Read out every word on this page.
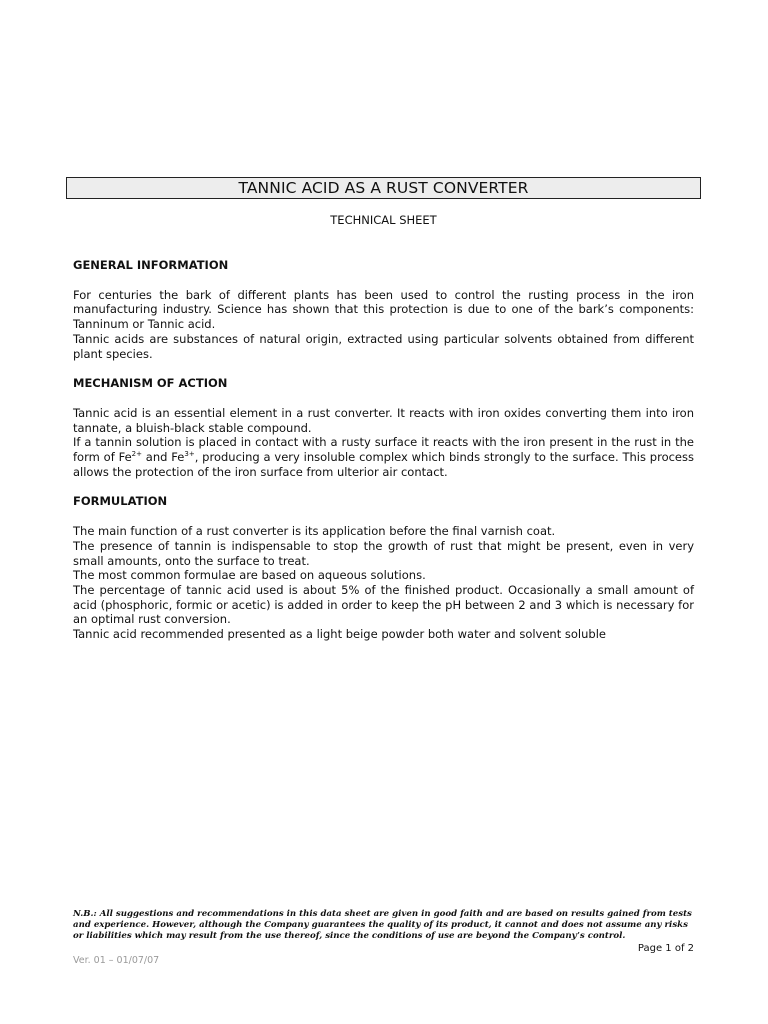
TANNIC ACID AS A RUST CONVERTER
TECHNICAL SHEET
GENERAL INFORMATION

For centuries the bark of different plants has been used to control the rusting process in the iron manufacturing industry. Science has shown that this protection is due to one of the bark’s components: Tanninum or Tannic acid.

Tannic acids are substances of natural origin, extracted using particular solvents obtained from different plant species.

MECHANISM OF ACTION

Tannic acid is an essential element in a rust converter. It reacts with iron oxides converting them into iron tannate, a bluish-black stable compound.

If a tannin solution is placed in contact with a rusty surface it reacts with the iron present in the rust in the form of $Fe^{2+}$ and $Fe^{3+}$, producing a very insoluble complex which binds strongly to the surface. This process allows the protection of the iron surface from ulterior air contact.

FORMULATION

The main function of a rust converter is its application before the final varnish coat.

The presence of tannin is indispensable to stop the growth of rust that might be present, even in very small amounts, onto the surface to treat.

The most common formulae are based on aqueous solutions.

The percentage of tannic acid used is about 5% of the finished product. Occasionally a small amount of acid (phosphoric, formic or acetic) is added in order to keep the pH between 2 and 3 which is necessary for an optimal rust conversion.

Tannic acid recommended presented as a light beige powder both water and solvent soluble

N.B.: All suggestions and recommendations in this data sheet are given in good faith and are based on results gained from tests and experience. However, although the Company guarantees the quality of its product, it cannot and does not assume any risks or liabilities which may result from the use thereof, since the conditions of use are beyond the Company’s control.
Page 1 of 2
Ver. 01 – 01/07/07
